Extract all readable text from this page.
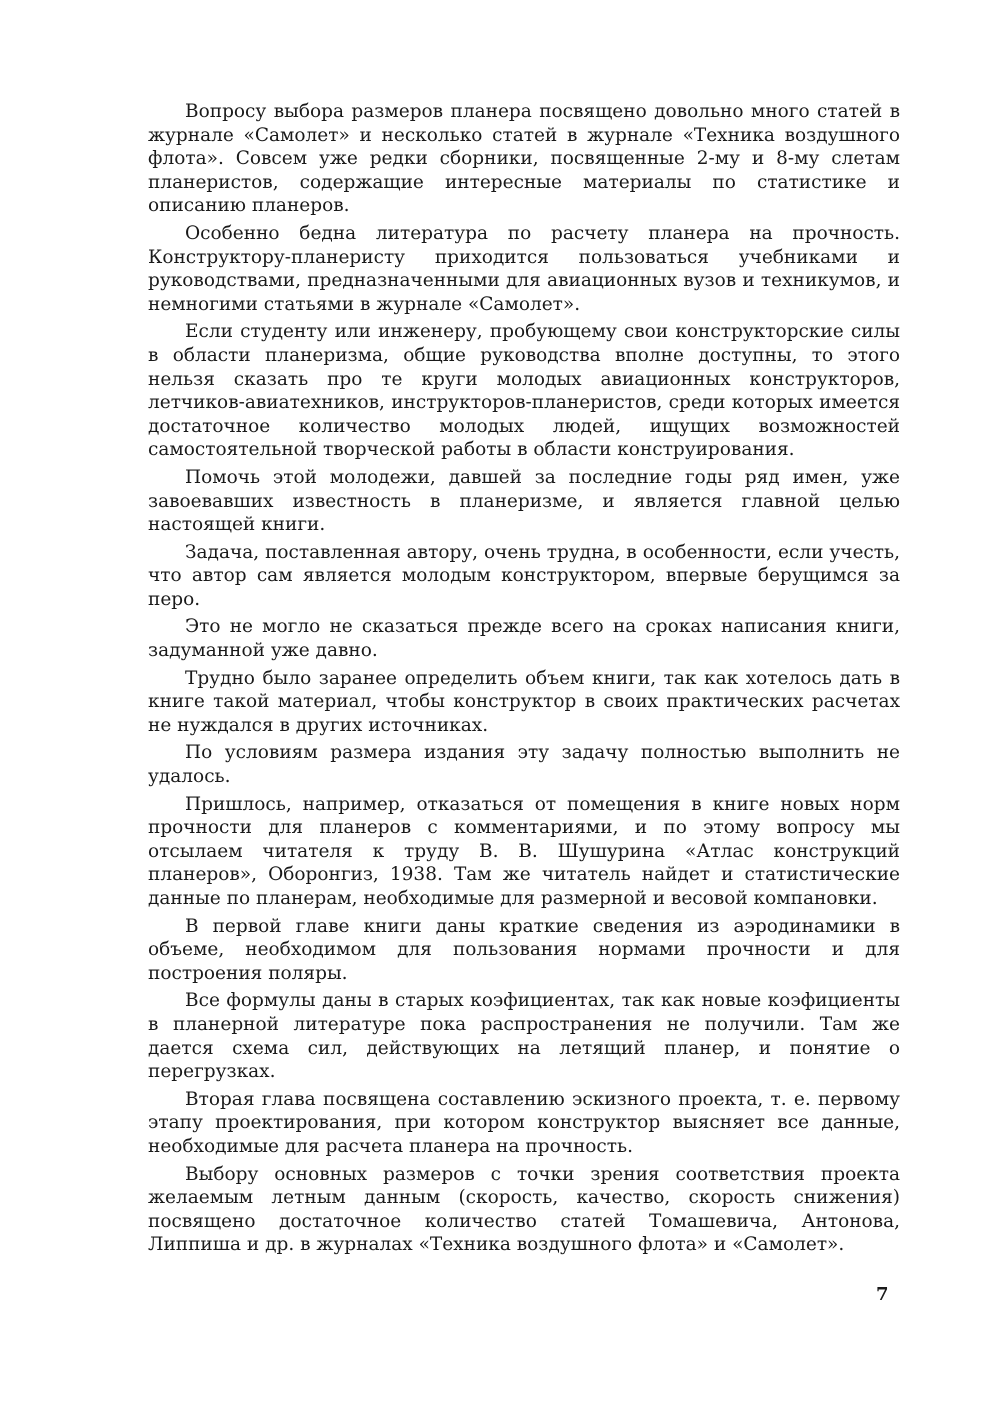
Вопросу выбора размеров планера посвящено довольно много статей в журнале «Самолет» и несколько статей в журнале «Техника воздушного флота». Совсем уже редки сборники, посвященные 2-му и 8-му слетам планеристов, содержащие интересные материалы по статистике и описанию планеров.

Особенно бедна литература по расчету планера на прочность. Конструктору-планеристу приходится пользоваться учебниками и руководствами, предназначенными для авиационных вузов и техникумов, и немногими статьями в журнале «Самолет».

Если студенту или инженеру, пробующему свои конструкторские силы в области планеризма, общие руководства вполне доступны, то этого нельзя сказать про те круги молодых авиационных конструкторов, летчиков-авиатехников, инструкторов-планеристов, среди которых имеется достаточное количество молодых людей, ищущих возможностей самостоятельной творческой работы в области конструирования.

Помочь этой молодежи, давшей за последние годы ряд имен, уже завоевавших известность в планеризме, и является главной целью настоящей книги.

Задача, поставленная автору, очень трудна, в особенности, если учесть, что автор сам является молодым конструктором, впервые берущимся за перо.

Это не могло не сказаться прежде всего на сроках написания книги, задуманной уже давно.

Трудно было заранее определить объем книги, так как хотелось дать в книге такой материал, чтобы конструктор в своих практических расчетах не нуждался в других источниках.

По условиям размера издания эту задачу полностью выполнить не удалось.

Пришлось, например, отказаться от помещения в книге новых норм прочности для планеров с комментариями, и по этому вопросу мы отсылаем читателя к труду В. В. Шушурина «Атлас конструкций планеров», Оборонгиз, 1938. Там же читатель найдет и статистические данные по планерам, необходимые для размерной и весовой компановки.

В первой главе книги даны краткие сведения из аэродинамики в объеме, необходимом для пользования нормами прочности и для построения поляры.

Все формулы даны в старых коэфициентах, так как новые коэфициенты в планерной литературе пока распространения не получили. Там же дается схема сил, действующих на летящий планер, и понятие о перегрузках.

Вторая глава посвящена составлению эскизного проекта, т. е. первому этапу проектирования, при котором конструктор выясняет все данные, необходимые для расчета планера на прочность.

Выбору основных размеров с точки зрения соответствия проекта желаемым летным данным (скорость, качество, скорость снижения) посвящено достаточное количество статей Томашевича, Антонова, Липпиша и др. в журналах «Техника воздушного флота» и «Самолет».

7
